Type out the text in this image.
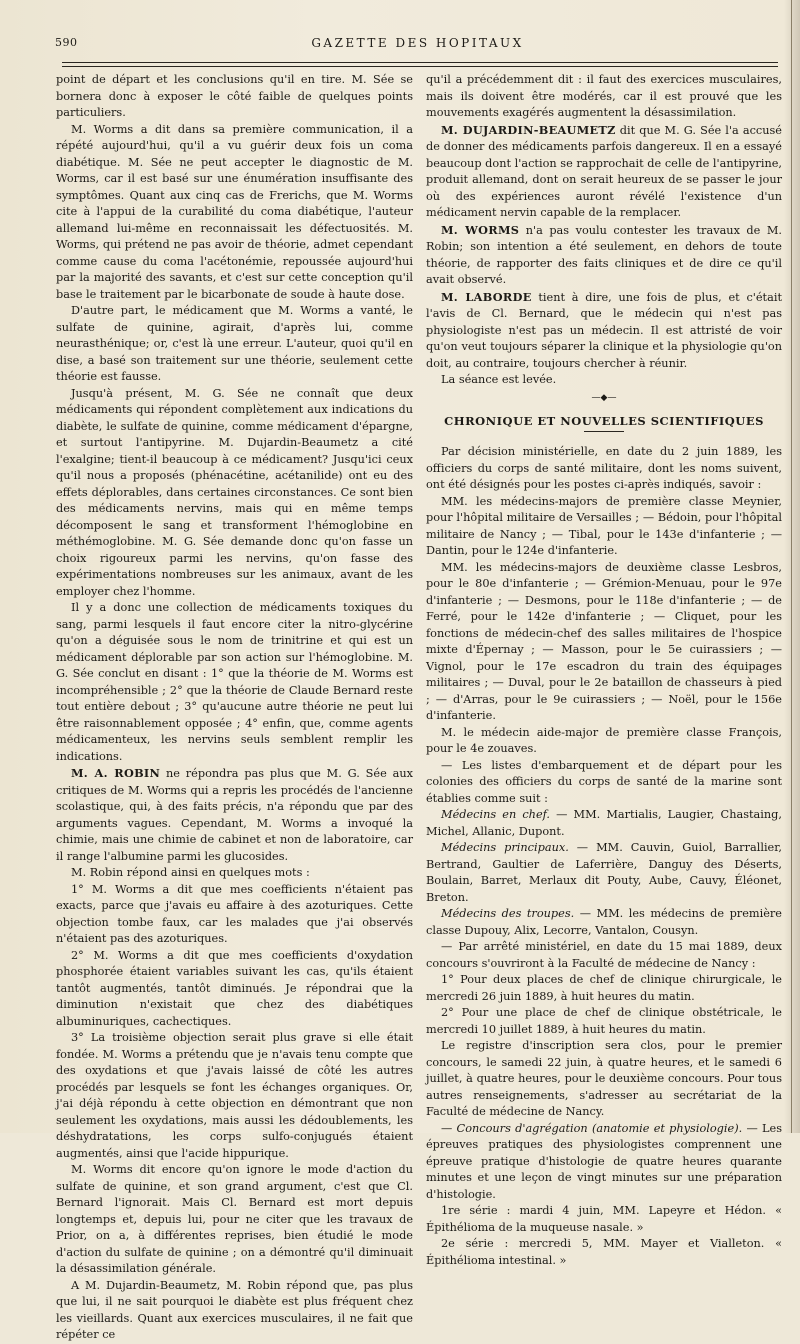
590	GAZETTE DES HOPITAUX

point de départ et les conclusions qu'il en tire. M. Sée se bornera donc à exposer le côté faible de quelques points particuliers.

M. Worms a dit dans sa première communication, il a répété aujourd'hui, qu'il a vu guérir deux fois un coma diabétique. M. Sée ne peut accepter le diagnostic de M. Worms, car il est basé sur une énumération insuffisante des symptômes. Quant aux cinq cas de Frerichs, que M. Worms cite à l'appui de la curabilité du coma diabétique, l'auteur allemand lui-même en reconnaissait les défectuosités. M. Worms, qui prétend ne pas avoir de théorie, admet cependant comme cause du coma l'acétonémie, repoussée aujourd'hui par la majorité des savants, et c'est sur cette conception qu'il base le traitement par le bicarbonate de soude à haute dose.

D'autre part, le médicament que M. Worms a vanté, le sulfate de quinine, agirait, d'après lui, comme neurasthénique; or, c'est là une erreur. L'auteur, quoi qu'il en dise, a basé son traitement sur une théorie, seulement cette théorie est fausse.

Jusqu'à présent, M. G. Sée ne connaît que deux médicaments qui répondent complètement aux indications du diabète, le sulfate de quinine, comme médicament d'épargne, et surtout l'antipyrine. M. Dujardin-Beaumetz a cité l'exalgine; tient-il beaucoup à ce médicament? Jusqu'ici ceux qu'il nous a proposés (phénacétine, acétanilide) ont eu des effets déplorables, dans certaines circonstances. Ce sont bien des médicaments nervins, mais qui en même temps décomposent le sang et transforment l'hémoglobine en méthémoglobine. M. G. Sée demande donc qu'on fasse un choix rigoureux parmi les nervins, qu'on fasse des expérimentations nombreuses sur les animaux, avant de les employer chez l'homme.

Il y a donc une collection de médicaments toxiques du sang, parmi lesquels il faut encore citer la nitro-glycérine qu'on a déguisée sous le nom de trinitrine et qui est un médicament déplorable par son action sur l'hémoglobine. M. G. Sée conclut en disant : 1° que la théorie de M. Worms est incompréhensible ; 2° que la théorie de Claude Bernard reste tout entière debout ; 3° qu'aucune autre théorie ne peut lui être raisonnablement opposée ; 4° enfin, que, comme agents médicamenteux, les nervins seuls semblent remplir les indications.

M. A. ROBIN ne répondra pas plus que M. G. Sée aux critiques de M. Worms qui a repris les procédés de l'ancienne scolastique, qui, à des faits précis, n'a répondu que par des arguments vagues. Cependant, M. Worms a invoqué la chimie, mais une chimie de cabinet et non de laboratoire, car il range l'albumine parmi les glucosides.

M. Robin répond ainsi en quelques mots :

1° M. Worms a dit que mes coefficients n'étaient pas exacts, parce que j'avais eu affaire à des azoturiques. Cette objection tombe faux, car les malades que j'ai observés n'étaient pas des azoturiques.

2° M. Worms a dit que mes coefficients d'oxydation phosphorée étaient variables suivant les cas, qu'ils étaient tantôt augmentés, tantôt diminués. Je répondrai que la diminution n'existait que chez des diabétiques albuminuriques, cachectiques.

3° La troisième objection serait plus grave si elle était fondée. M. Worms a prétendu que je n'avais tenu compte que des oxydations et que j'avais laissé de côté les autres procédés par lesquels se font les échanges organiques. Or, j'ai déjà répondu à cette objection en démontrant que non seulement les oxydations, mais aussi les dédoublements, les déshydratations, les corps sulfo-conjugués étaient augmentés, ainsi que l'acide hippurique.

M. Worms dit encore qu'on ignore le mode d'action du sulfate de quinine, et son grand argument, c'est que Cl. Bernard l'ignorait. Mais Cl. Bernard est mort depuis longtemps et, depuis lui, pour ne citer que les travaux de Prior, on a, à différentes reprises, bien étudié le mode d'action du sulfate de quinine ; on a démontré qu'il diminuait la désassimilation générale.

A M. Dujardin-Beaumetz, M. Robin répond que, pas plus que lui, il ne sait pourquoi le diabète est plus fréquent chez les vieillards. Quant aux exercices musculaires, il ne fait que répéter ce

qu'il a précédemment dit : il faut des exercices musculaires, mais ils doivent être modérés, car il est prouvé que les mouvements exagérés augmentent la désassimilation.

M. DUJARDIN-BEAUMETZ dit que M. G. Sée l'a accusé de donner des médicaments parfois dangereux. Il en a essayé beaucoup dont l'action se rapprochait de celle de l'antipyrine, produit allemand, dont on serait heureux de se passer le jour où des expériences auront révélé l'existence d'un médicament nervin capable de la remplacer.

M. WORMS n'a pas voulu contester les travaux de M. Robin; son intention a été seulement, en dehors de toute théorie, de rapporter des faits cliniques et de dire ce qu'il avait observé.

M. LABORDE tient à dire, une fois de plus, et c'était l'avis de Cl. Bernard, que le médecin qui n'est pas physiologiste n'est pas un médecin. Il est attristé de voir qu'on veut toujours séparer la clinique et la physiologie qu'on doit, au contraire, toujours chercher à réunir.

La séance est levée.

—◆—
CHRONIQUE ET NOUVELLES SCIENTIFIQUES

Par décision ministérielle, en date du 2 juin 1889, les officiers du corps de santé militaire, dont les noms suivent, ont été désignés pour les postes ci-après indiqués, savoir :

MM. les médecins-majors de première classe Meynier, pour l'hôpital militaire de Versailles ; — Bédoin, pour l'hôpital militaire de Nancy ; — Tibal, pour le 143e d'infanterie ; — Dantin, pour le 124e d'infanterie.

MM. les médecins-majors de deuxième classe Lesbros, pour le 80e d'infanterie ; — Grémion-Menuau, pour le 97e d'infanterie ; — Desmons, pour le 118e d'infanterie ; — de Ferré, pour le 142e d'infanterie ; — Cliquet, pour les fonctions de médecin-chef des salles militaires de l'hospice mixte d'Épernay ; — Masson, pour le 5e cuirassiers ; — Vignol, pour le 17e escadron du train des équipages militaires ; — Duval, pour le 2e bataillon de chasseurs à pied ; — d'Arras, pour le 9e cuirassiers ; — Noël, pour le 156e d'infanterie.

M. le médecin aide-major de première classe François, pour le 4e zouaves.

— Les listes d'embarquement et de départ pour les colonies des officiers du corps de santé de la marine sont établies comme suit :

Médecins en chef. — MM. Martialis, Laugier, Chastaing, Michel, Allanic, Dupont.

Médecins principaux. — MM. Cauvin, Guiol, Barrallier, Bertrand, Gaultier de Laferrière, Danguy des Déserts, Boulain, Barret, Merlaux dit Pouty, Aube, Cauvy, Éléonet, Breton.

Médecins des troupes. — MM. les médecins de première classe Dupouy, Alix, Lecorre, Vantalon, Cousyn.

— Par arrêté ministériel, en date du 15 mai 1889, deux concours s'ouvriront à la Faculté de médecine de Nancy :

1° Pour deux places de chef de clinique chirurgicale, le mercredi 26 juin 1889, à huit heures du matin.

2° Pour une place de chef de clinique obstétricale, le mercredi 10 juillet 1889, à huit heures du matin.

Le registre d'inscription sera clos, pour le premier concours, le samedi 22 juin, à quatre heures, et le samedi 6 juillet, à quatre heures, pour le deuxième concours. Pour tous autres renseignements, s'adresser au secrétariat de la Faculté de médecine de Nancy.

— Concours d'agrégation (anatomie et physiologie). — Les épreuves pratiques des physiologistes comprennent une épreuve pratique d'histologie de quatre heures quarante minutes et une leçon de vingt minutes sur une préparation d'histologie.

1re série : mardi 4 juin, MM. Lapeyre et Hédon. « Épithélioma de la muqueuse nasale. »

2e série : mercredi 5, MM. Mayer et Vialleton. « Épithélioma intestinal. »
